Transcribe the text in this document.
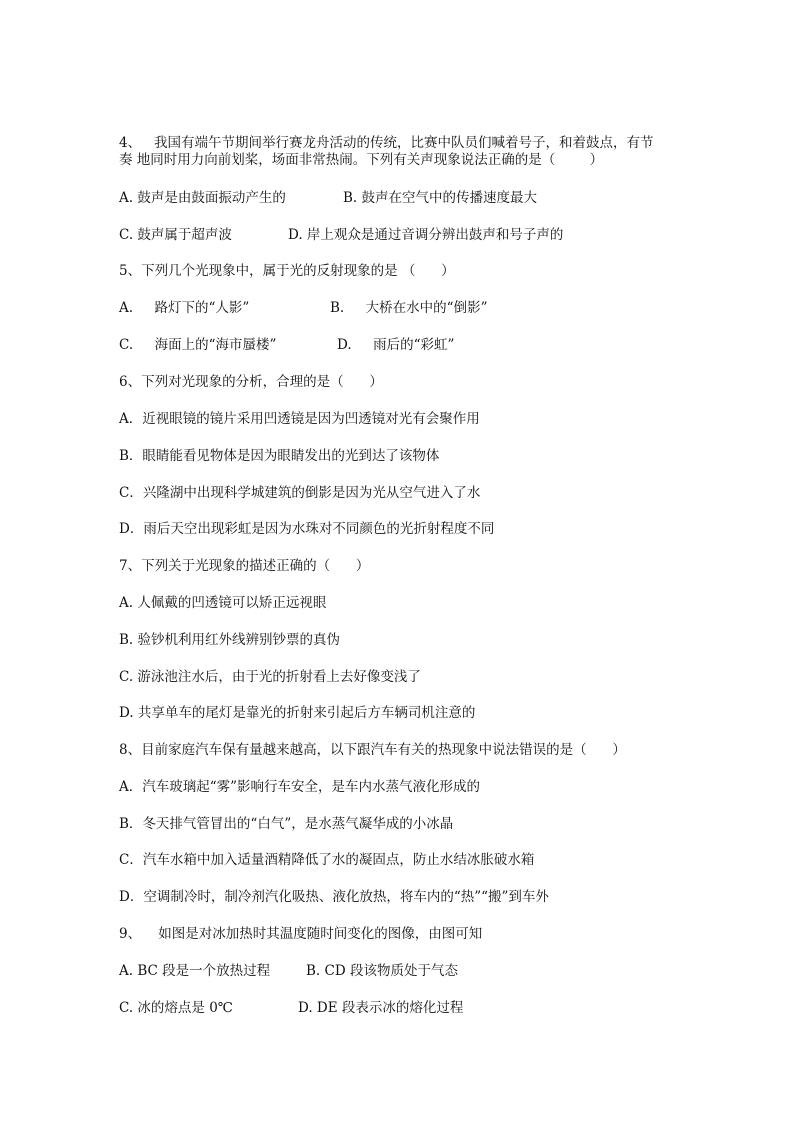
4、   我国有端午节期间举行赛龙舟活动的传统，比赛中队员们喊着号子，和着鼓点，有节
奏 地同时用力向前划桨，场面非常热闹。下列有关声现象说法正确的是（        ）
A. 鼓声是由鼓面振动产生的	B. 鼓声在空气中的传播速度最大
C. 鼓声属于超声波	D. 岸上观众是通过音调分辨出鼓声和号子声的
5、下列几个光现象中，属于光的反射现象的是 （      ）
A.     路灯下的“人影”	B.     大桥在水中的“倒影”
C.     海面上的“海市蜃楼”	D.     雨后的“彩虹”
6、下列对光现象的分析，合理的是（      ）
A．近视眼镜的镜片采用凹透镜是因为凹透镜对光有会聚作用
B．眼睛能看见物体是因为眼睛发出的光到达了该物体
C．兴隆湖中出现科学城建筑的倒影是因为光从空气进入了水
D．雨后天空出现彩虹是因为水珠对不同颜色的光折射程度不同
7、下列关于光现象的描述正确的（      ）
A. 人佩戴的凹透镜可以矫正远视眼
B. 验钞机利用红外线辨别钞票的真伪
C. 游泳池注水后，由于光的折射看上去好像变浅了
D. 共享单车的尾灯是靠光的折射来引起后方车辆司机注意的
8、目前家庭汽车保有量越来越高，以下跟汽车有关的热现象中说法错误的是（      ）
A．汽车玻璃起“雾”影响行车安全，是车内水蒸气液化形成的
B．冬天排气管冒出的“白气”，是水蒸气凝华成的小冰晶
C．汽车水箱中加入适量酒精降低了水的凝固点，防止水结冰胀破水箱
D．空调制冷时，制冷剂汽化吸热、液化放热，将车内的“热”“搬”到车外
9、    如图是对冰加热时其温度随时间变化的图像，由图可知
A. BC 段是一个放热过程	B. CD 段该物质处于气态
C. 冰的熔点是 0℃	D. DE 段表示冰的熔化过程
